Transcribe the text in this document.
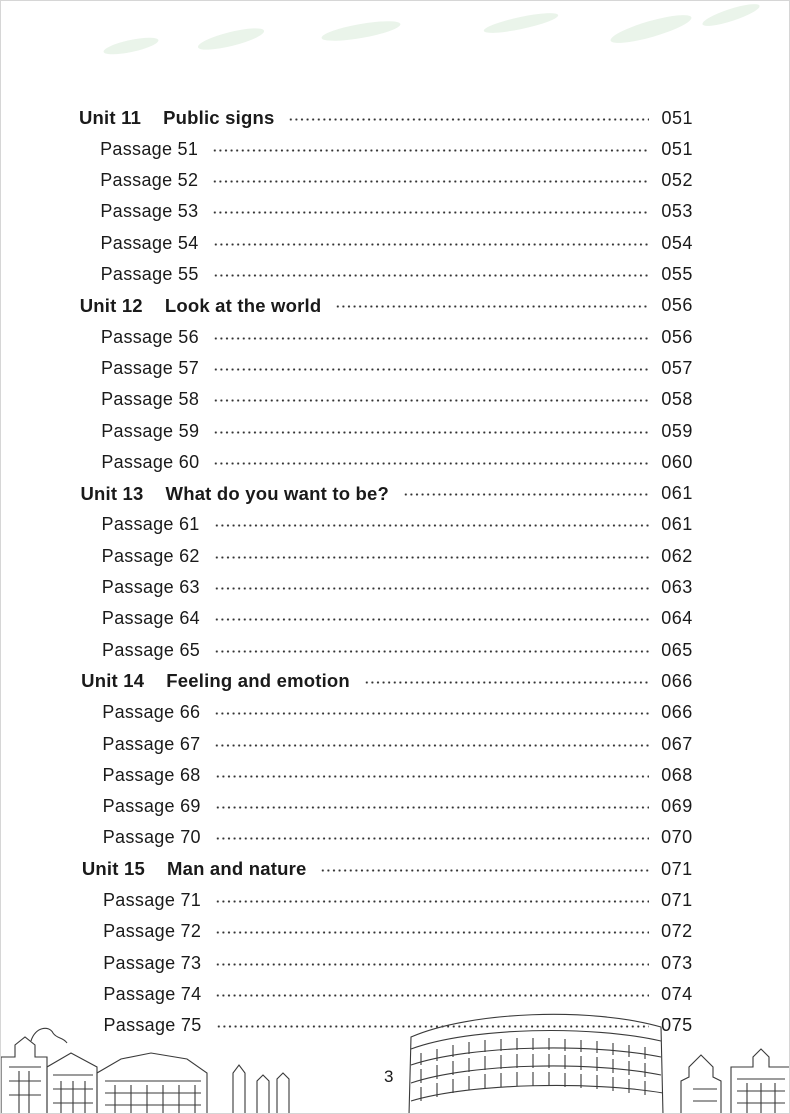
Unit 11 Public signs	051
Passage 51	051
Passage 52	052
Passage 53	053
Passage 54	054
Passage 55	055
Unit 12 Look at the world	056
Passage 56	056
Passage 57	057
Passage 58	058
Passage 59	059
Passage 60	060
Unit 13 What do you want to be?	061
Passage 61	061
Passage 62	062
Passage 63	063
Passage 64	064
Passage 65	065
Unit 14 Feeling and emotion	066
Passage 66	066
Passage 67	067
Passage 68	068
Passage 69	069
Passage 70	070
Unit 15 Man and nature	071
Passage 71	071
Passage 72	072
Passage 73	073
Passage 74	074
Passage 75	075
3
